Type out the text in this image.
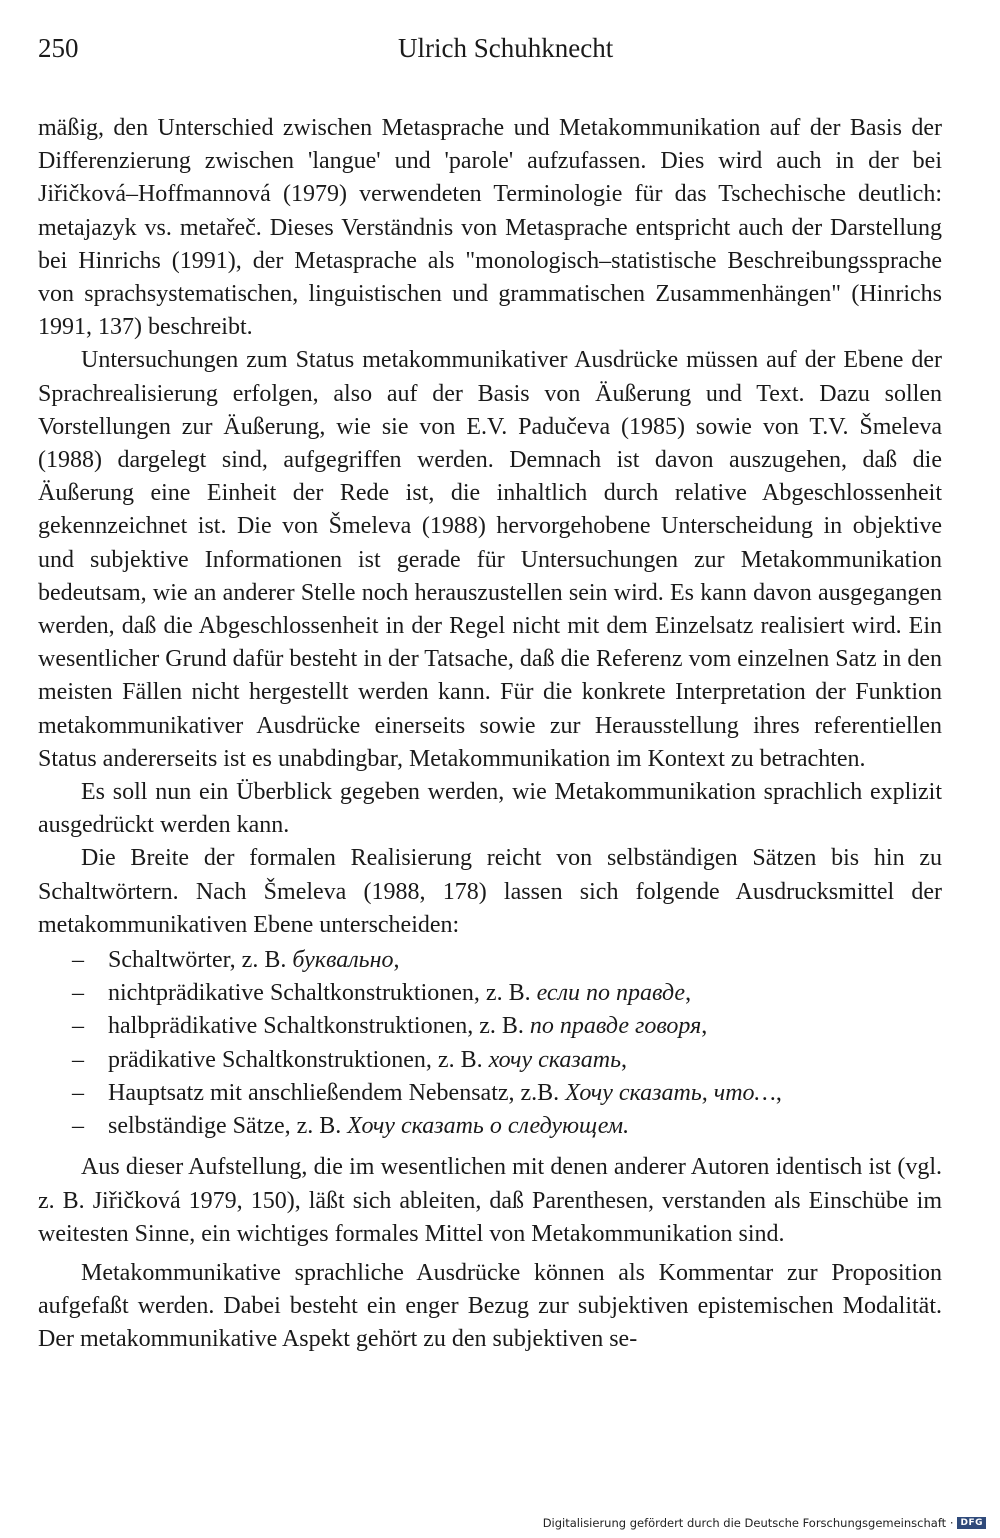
250	Ulrich Schuhknecht

mäßig, den Unterschied zwischen Metasprache und Metakommunikation auf der Basis der Differenzierung zwischen 'langue' und 'parole' aufzufassen. Dies wird auch in der bei Jiřičková–Hoffmannová (1979) verwendeten Terminologie für das Tschechische deutlich: metajazyk vs. metařeč. Dieses Verständnis von Metasprache entspricht auch der Darstellung bei Hinrichs (1991), der Metasprache als "monologisch–statistische Beschreibungssprache von sprachsystematischen, linguistischen und grammatischen Zusammenhängen" (Hinrichs 1991, 137) beschreibt.

Untersuchungen zum Status metakommunikativer Ausdrücke müssen auf der Ebene der Sprachrealisierung erfolgen, also auf der Basis von Äußerung und Text. Dazu sollen Vorstellungen zur Äußerung, wie sie von E.V. Padučeva (1985) sowie von T.V. Šmeleva (1988) dargelegt sind, aufgegriffen werden. Demnach ist davon auszugehen, daß die Äußerung eine Einheit der Rede ist, die inhaltlich durch relative Abgeschlossenheit gekennzeichnet ist. Die von Šmeleva (1988) hervorgehobene Unterscheidung in objektive und subjektive Informationen ist gerade für Untersuchungen zur Metakommunikation bedeutsam, wie an anderer Stelle noch herauszustellen sein wird. Es kann davon ausgegangen werden, daß die Abgeschlossenheit in der Regel nicht mit dem Einzelsatz realisiert wird. Ein wesentlicher Grund dafür besteht in der Tatsache, daß die Referenz vom einzelnen Satz in den meisten Fällen nicht hergestellt werden kann. Für die konkrete Interpretation der Funktion metakommunikativer Ausdrücke einerseits sowie zur Herausstellung ihres referentiellen Status andererseits ist es unabdingbar, Metakommunikation im Kontext zu betrachten.

Es soll nun ein Überblick gegeben werden, wie Metakommunikation sprachlich explizit ausgedrückt werden kann.

Die Breite der formalen Realisierung reicht von selbständigen Sätzen bis hin zu Schaltwörtern. Nach Šmeleva (1988, 178) lassen sich folgende Ausdrucksmittel der metakommunikativen Ebene unterscheiden:

– Schaltwörter, z. B. буквально,
– nichtprädikative Schaltkonstruktionen, z. B. если по правде,
– halbprädikative Schaltkonstruktionen, z. B. по правде говоря,
– prädikative Schaltkonstruktionen, z. B. хочу сказать,
– Hauptsatz mit anschließendem Nebensatz, z.B. Хочу сказать, что…,
– selbständige Sätze, z. B. Хочу сказать о следующем.

Aus dieser Aufstellung, die im wesentlichen mit denen anderer Autoren identisch ist (vgl. z. B. Jiřičková 1979, 150), läßt sich ableiten, daß Parenthesen, verstanden als Einschübe im weitesten Sinne, ein wichtiges formales Mittel von Metakommunikation sind.

Metakommunikative sprachliche Ausdrücke können als Kommentar zur Proposition aufgefaßt werden. Dabei besteht ein enger Bezug zur subjektiven epistemischen Modalität. Der metakommunikative Aspekt gehört zu den subjektiven se-

Digitalisierung gefördert durch die Deutsche Forschungsgemeinschaft · DFG
